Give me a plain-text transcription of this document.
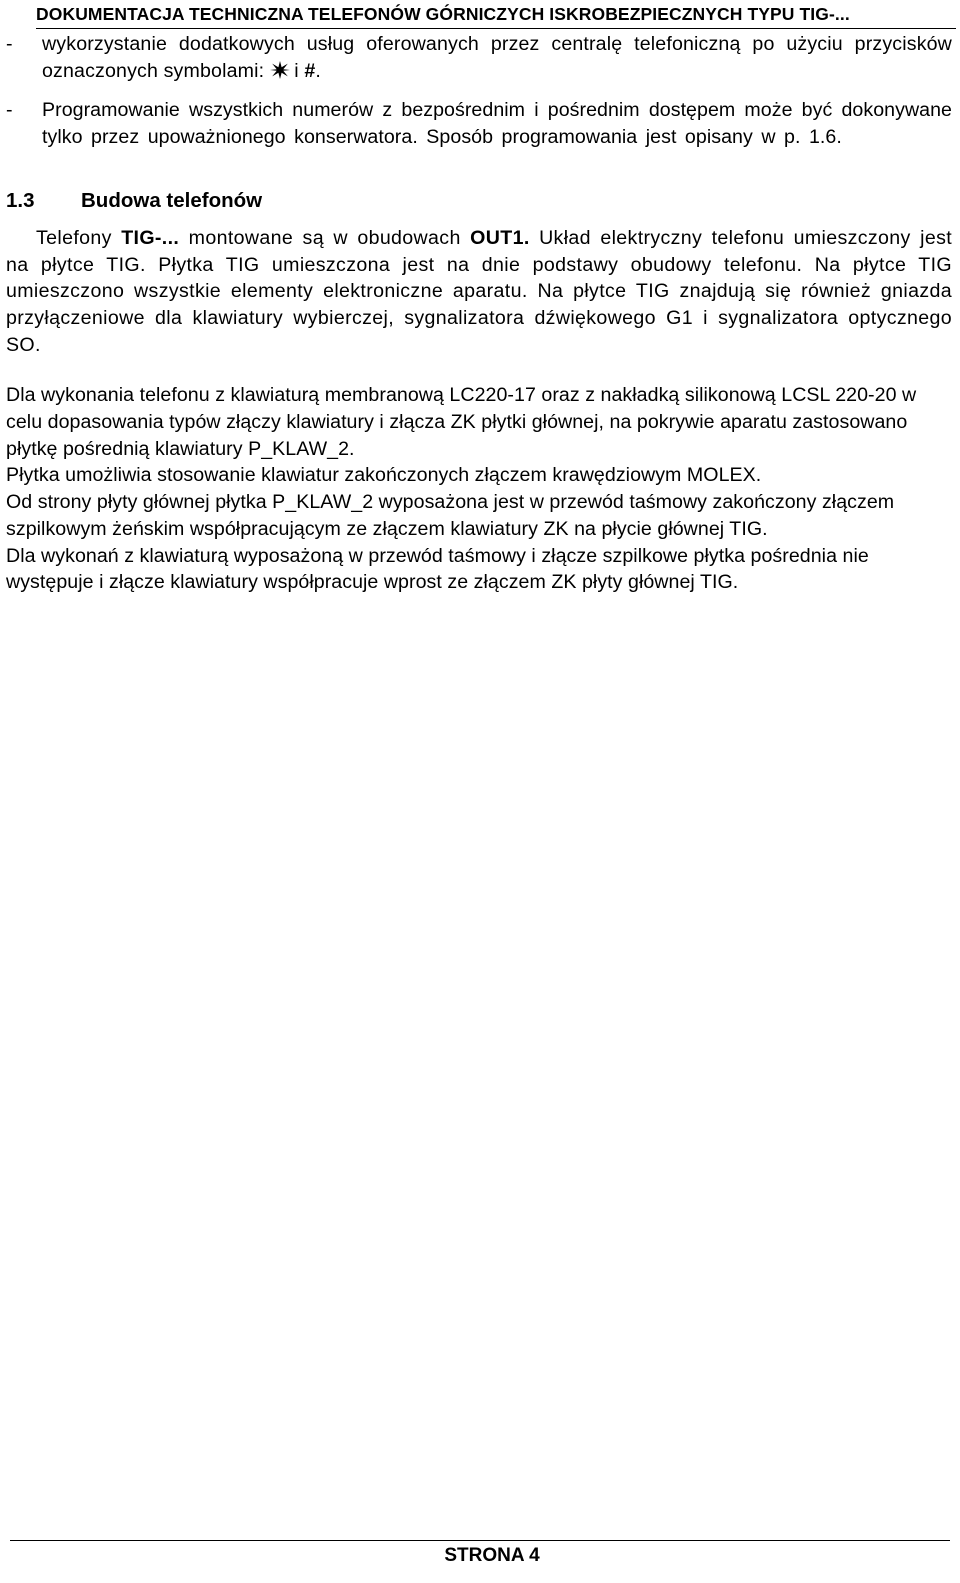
DOKUMENTACJA TECHNICZNA TELEFONÓW GÓRNICZYCH ISKROBEZPIECZNYCH TYPU TIG-...
- wykorzystanie dodatkowych usług oferowanych przez centralę telefoniczną po użyciu przycisków oznaczonych symbolami: i #.
- Programowanie wszystkich numerów z bezpośrednim i pośrednim dostępem może być dokonywane tylko przez upoważnionego konserwatora. Sposób programowania jest opisany w p. 1.6.
1.3 Budowa telefonów
Telefony TIG-... montowane są w obudowach OUT1. Układ elektryczny telefonu umieszczony jest na płytce TIG. Płytka TIG umieszczona jest na dnie podstawy obudowy telefonu. Na płytce TIG umieszczono wszystkie elementy elektroniczne aparatu. Na płytce TIG znajdują się również gniazda przyłączeniowe dla klawiatury wybierczej, sygnalizatora dźwiękowego G1 i sygnalizatora optycznego SO.

Dla wykonania telefonu z klawiaturą membranową LC220-17 oraz z nakładką silikonową LCSL 220-20 w celu dopasowania typów złączy klawiatury i złącza ZK płytki głównej, na pokrywie aparatu zastosowano płytkę pośrednią klawiatury P_KLAW_2.

Płytka umożliwia stosowanie klawiatur zakończonych złączem krawędziowym MOLEX.

Od strony płyty głównej płytka P_KLAW_2 wyposażona jest w przewód taśmowy zakończony złączem szpilkowym żeńskim współpracującym ze złączem klawiatury ZK na płycie głównej TIG.

Dla wykonań z klawiaturą wyposażoną w przewód taśmowy i złącze szpilkowe płytka pośrednia nie występuje i złącze klawiatury współpracuje wprost ze złączem ZK płyty głównej TIG.

STRONA 4
